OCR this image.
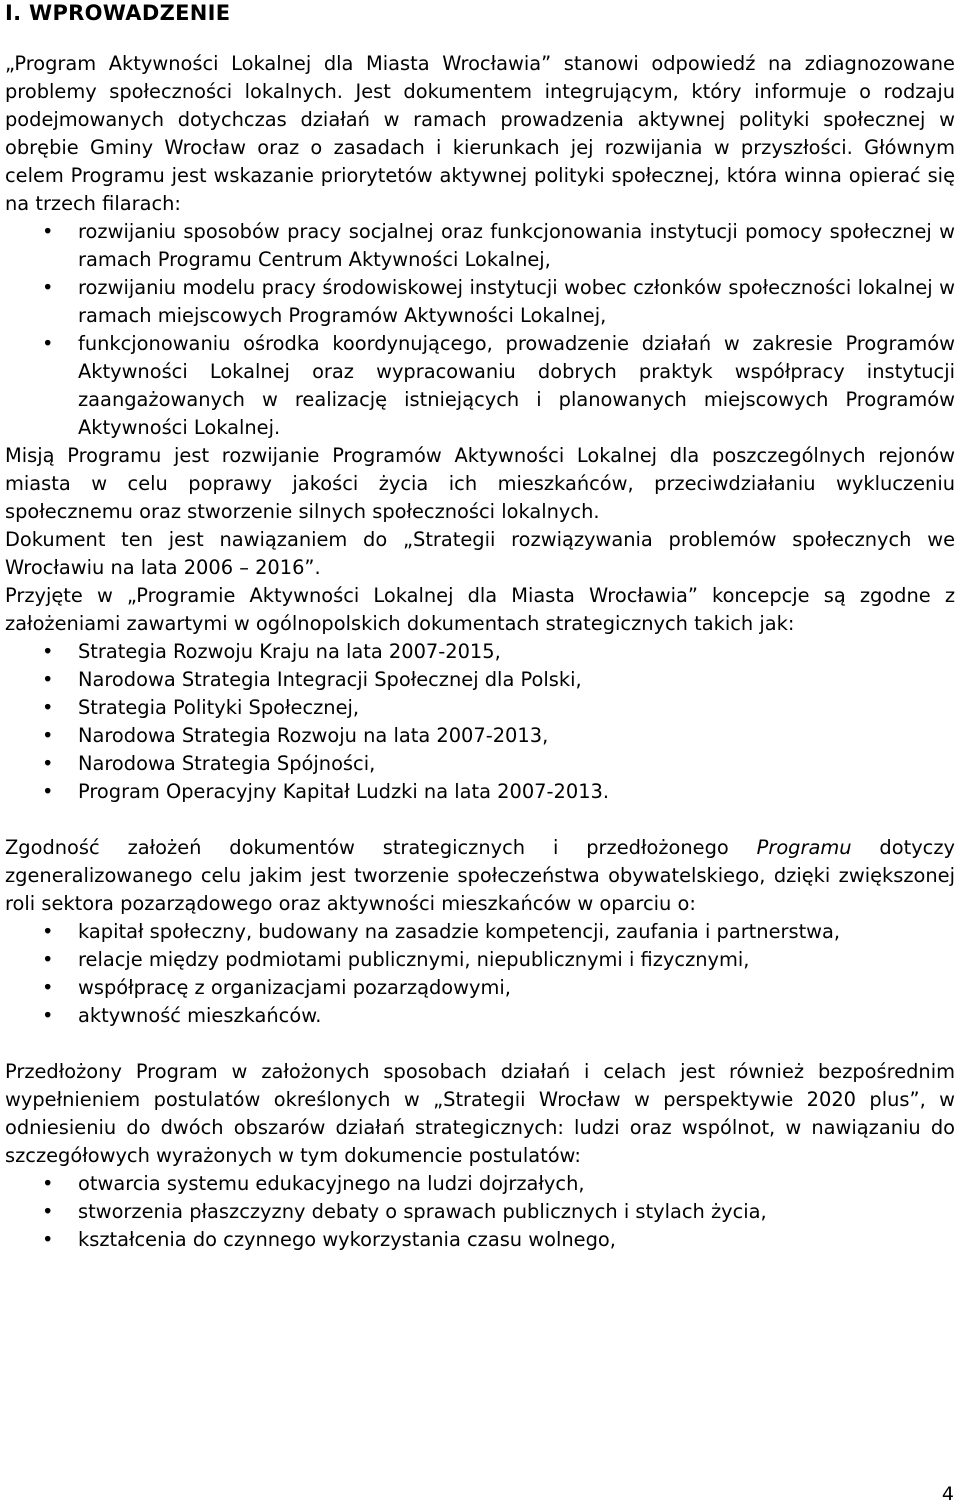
I. WPROWADZENIE

„Program Aktywności Lokalnej dla Miasta Wrocławia” stanowi odpowiedź na zdiagnozowane problemy społeczności lokalnych. Jest dokumentem integrującym, który informuje o rodzaju podejmowanych dotychczas działań w ramach prowadzenia aktywnej polityki społecznej w obrębie Gminy Wrocław oraz o zasadach i kierunkach jej rozwijania w przyszłości. Głównym celem Programu jest wskazanie priorytetów aktywnej polityki społecznej, która winna opierać się na trzech filarach:

• rozwijaniu sposobów pracy socjalnej oraz funkcjonowania instytucji pomocy społecznej w ramach Programu Centrum Aktywności Lokalnej,
• rozwijaniu modelu pracy środowiskowej instytucji wobec członków społeczności lokalnej w ramach miejscowych Programów Aktywności Lokalnej,
• funkcjonowaniu ośrodka koordynującego, prowadzenie działań w zakresie Programów Aktywności Lokalnej oraz wypracowaniu dobrych praktyk współpracy instytucji zaangażowanych w realizację istniejących i planowanych miejscowych Programów Aktywności Lokalnej.

Misją Programu jest rozwijanie Programów Aktywności Lokalnej dla poszczególnych rejonów miasta w celu poprawy jakości życia ich mieszkańców, przeciwdziałaniu wykluczeniu społecznemu oraz stworzenie silnych społeczności lokalnych.

Dokument ten jest nawiązaniem do „Strategii rozwiązywania problemów społecznych we Wrocławiu na lata 2006 – 2016”.

Przyjęte w „Programie Aktywności Lokalnej dla Miasta Wrocławia” koncepcje są zgodne z założeniami zawartymi w ogólnopolskich dokumentach strategicznych takich jak:

• Strategia Rozwoju Kraju na lata 2007-2015,
• Narodowa Strategia Integracji Społecznej dla Polski,
• Strategia Polityki Społecznej,
• Narodowa Strategia Rozwoju na lata 2007-2013,
• Narodowa Strategia Spójności,
• Program Operacyjny Kapitał Ludzki na lata 2007-2013.

Zgodność założeń dokumentów strategicznych i przedłożonego Programu dotyczy zgeneralizowanego celu jakim jest tworzenie społeczeństwa obywatelskiego, dzięki zwiększonej roli sektora pozarządowego oraz aktywności mieszkańców w oparciu o:

• kapitał społeczny, budowany na zasadzie kompetencji, zaufania i partnerstwa,
• relacje między podmiotami publicznymi, niepublicznymi i fizycznymi,
• współpracę z organizacjami pozarządowymi,
• aktywność mieszkańców.

Przedłożony Program w założonych sposobach działań i celach jest również bezpośrednim wypełnieniem postulatów określonych w „Strategii Wrocław w perspektywie 2020 plus”, w odniesieniu do dwóch obszarów działań strategicznych: ludzi oraz wspólnot, w nawiązaniu do szczegółowych wyrażonych w tym dokumencie postulatów:

• otwarcia systemu edukacyjnego na ludzi dojrzałych,
• stworzenia płaszczyzny debaty o sprawach publicznych i stylach życia,
• kształcenia do czynnego wykorzystania czasu wolnego,
4
